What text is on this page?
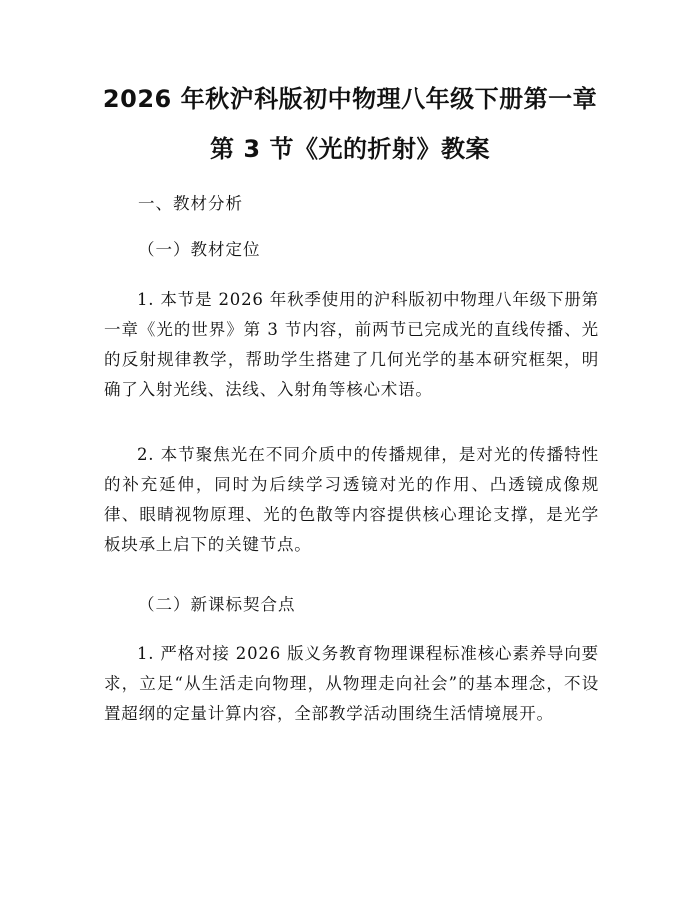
2026 年秋沪科版初中物理八年级下册第一章
第 3 节《光的折射》教案
一、教材分析
（一）教材定位

1. 本节是 2026 年秋季使用的沪科版初中物理八年级下册第一章《光的世界》第 3 节内容，前两节已完成光的直线传播、光的反射规律教学，帮助学生搭建了几何光学的基本研究框架，明确了入射光线、法线、入射角等核心术语。

2. 本节聚焦光在不同介质中的传播规律，是对光的传播特性的补充延伸，同时为后续学习透镜对光的作用、凸透镜成像规律、眼睛视物原理、光的色散等内容提供核心理论支撑，是光学板块承上启下的关键节点。

（二）新课标契合点

1. 严格对接 2026 版义务教育物理课程标准核心素养导向要求，立足“从生活走向物理，从物理走向社会”的基本理念，不设置超纲的定量计算内容，全部教学活动围绕生活情境展开。
